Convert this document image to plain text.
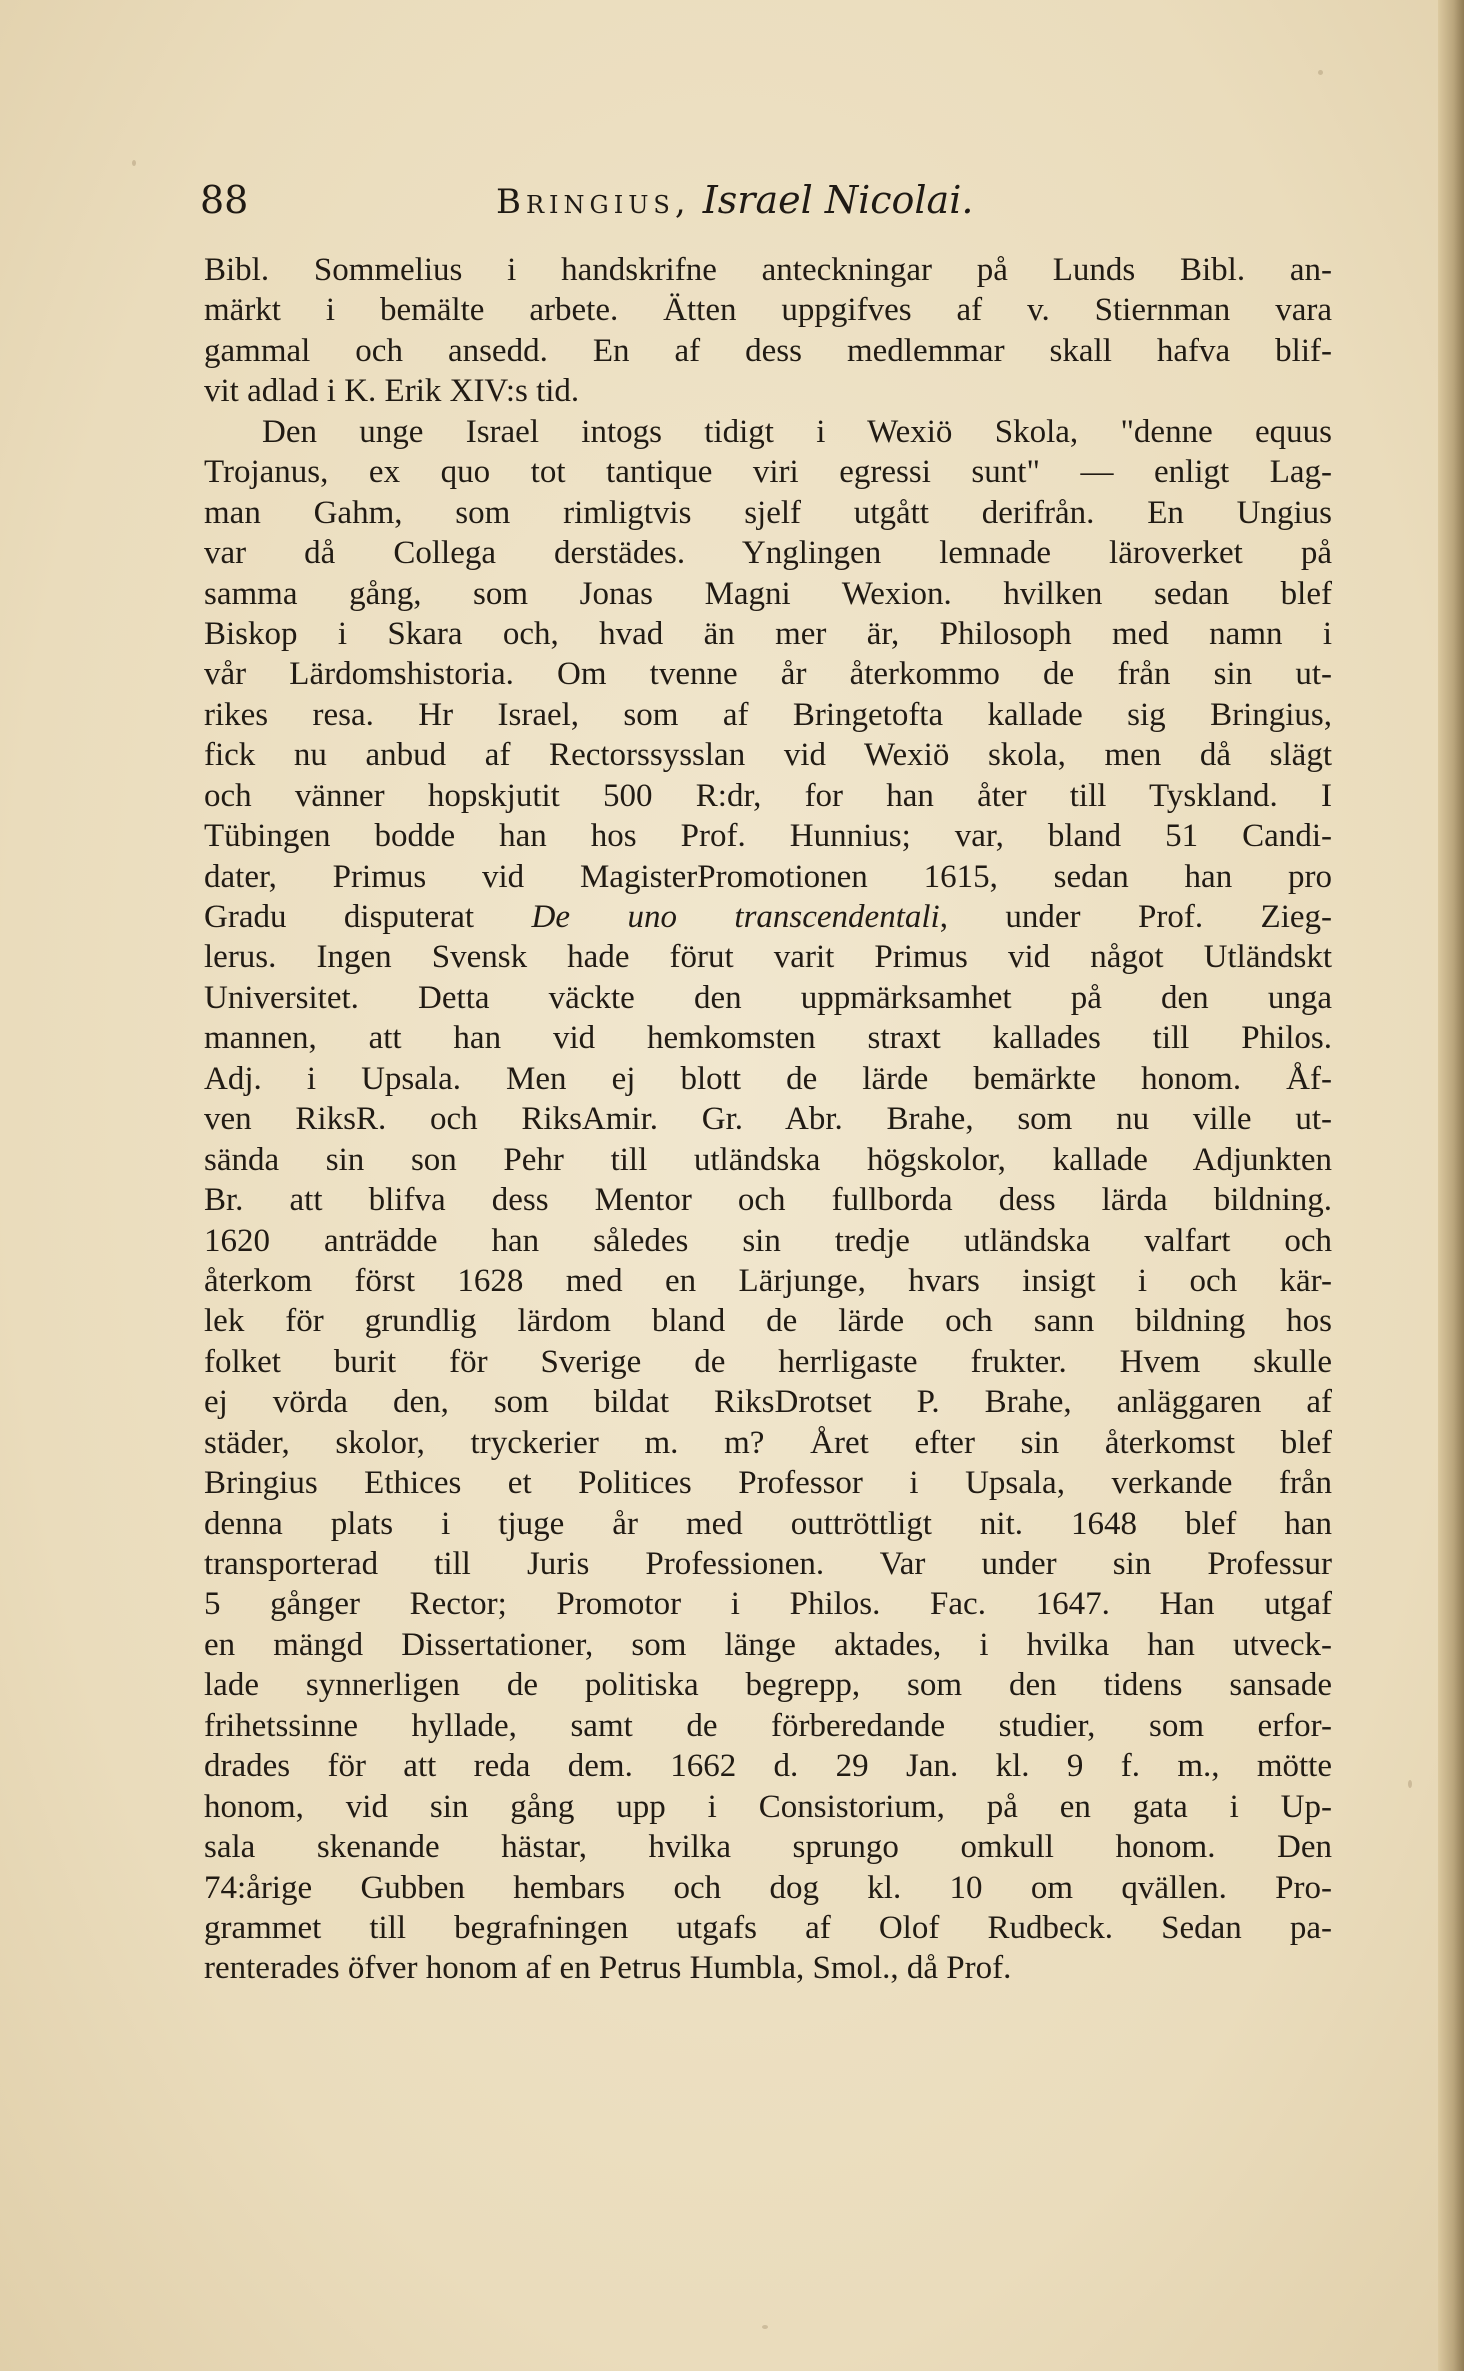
88	Bringius, Israel Nicolai.
Bibl. Sommelius i handskrifne anteckningar på Lunds Bibl. an-
märkt i bemälte arbete. Ätten uppgifves af v. Stiernman vara
gammal och ansedd. En af dess medlemmar skall hafva blif-
vit adlad i K. Erik XIV:s tid.
Den unge Israel intogs tidigt i Wexiö Skola, "denne equus
Trojanus, ex quo tot tantique viri egressi sunt" — enligt Lag-
man Gahm, som rimligtvis sjelf utgått derifrån. En Ungius
var då Collega derstädes. Ynglingen lemnade läroverket på
samma gång, som Jonas Magni Wexion. hvilken sedan blef
Biskop i Skara och, hvad än mer är, Philosoph med namn i
vår Lärdomshistoria. Om tvenne år återkommo de från sin ut-
rikes resa. Hr Israel, som af Bringetofta kallade sig Bringius,
fick nu anbud af Rectorssysslan vid Wexiö skola, men då slägt
och vänner hopskjutit 500 R:dr, for han åter till Tyskland. I
Tübingen bodde han hos Prof. Hunnius; var, bland 51 Candi-
dater, Primus vid MagisterPromotionen 1615, sedan han pro
Gradu disputerat De uno transcendentali, under Prof. Zieg-
lerus. Ingen Svensk hade förut varit Primus vid något Utländskt
Universitet. Detta väckte den uppmärksamhet på den unga
mannen, att han vid hemkomsten straxt kallades till Philos.
Adj. i Upsala. Men ej blott de lärde bemärkte honom. Åf-
ven RiksR. och RiksAmir. Gr. Abr. Brahe, som nu ville ut-
sända sin son Pehr till utländska högskolor, kallade Adjunkten
Br. att blifva dess Mentor och fullborda dess lärda bildning.
1620 anträdde han således sin tredje utländska valfart och
återkom först 1628 med en Lärjunge, hvars insigt i och kär-
lek för grundlig lärdom bland de lärde och sann bildning hos
folket burit för Sverige de herrligaste frukter. Hvem skulle
ej vörda den, som bildat RiksDrotset P. Brahe, anläggaren af
städer, skolor, tryckerier m. m? Året efter sin återkomst blef
Bringius Ethices et Politices Professor i Upsala, verkande från
denna plats i tjuge år med outtröttligt nit. 1648 blef han
transporterad till Juris Professionen. Var under sin Professur
5 gånger Rector; Promotor i Philos. Fac. 1647. Han utgaf
en mängd Dissertationer, som länge aktades, i hvilka han utveck-
lade synnerligen de politiska begrepp, som den tidens sansade
frihetssinne hyllade, samt de förberedande studier, som erfor-
drades för att reda dem. 1662 d. 29 Jan. kl. 9 f. m., mötte
honom, vid sin gång upp i Consistorium, på en gata i Up-
sala skenande hästar, hvilka sprungo omkull honom. Den
74:årige Gubben hembars och dog kl. 10 om qvällen. Pro-
grammet till begrafningen utgafs af Olof Rudbeck. Sedan pa-
renterades öfver honom af en Petrus Humbla, Smol., då Prof.
